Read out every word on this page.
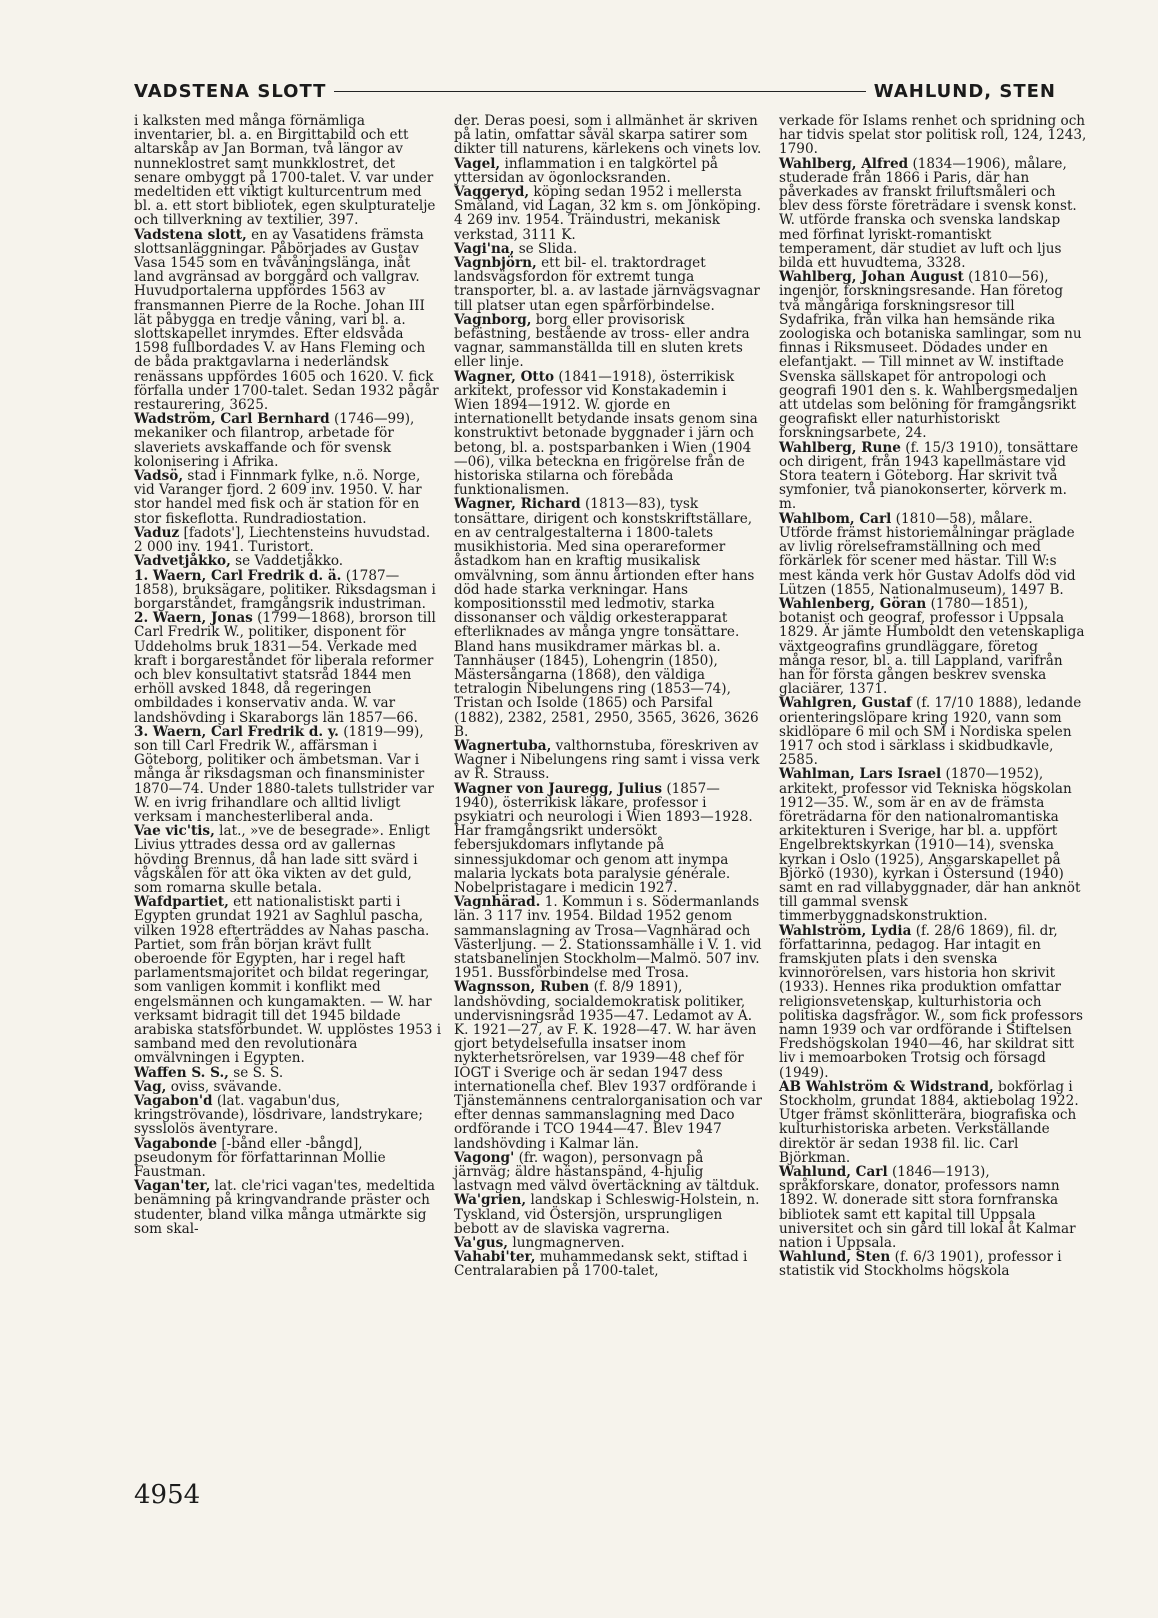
VADSTENA SLOTT	WAHLUND, STEN

i kalksten med många förnämliga inventarier, bl. a. en Birgittabild och ett altarskåp av Jan Borman, två längor av nunneklostret samt munkklostret, det senare ombyggt på 1700-talet. V. var under medeltiden ett viktigt kulturcentrum med bl. a. ett stort bibliotek, egen skulpturatelje och tillverkning av textilier, 397.

Vadstena slott, en av Vasatidens främsta slottsanläggningar. Påbörjades av Gustav Vasa 1545 som en tvåvåningslänga, inåt land avgränsad av borggård och vallgrav. Huvudportalerna uppfördes 1563 av fransmannen Pierre de la Roche. Johan III lät påbygga en tredje våning, vari bl. a. slottskapellet inrymdes. Efter eldsvåda 1598 fullbordades V. av Hans Fleming och de båda praktgavlarna i nederländsk renässans uppfördes 1605 och 1620. V. fick förfalla under 1700-talet. Sedan 1932 pågår restaurering, 3625.

Wadström, Carl Bernhard (1746—99), mekaniker och filantrop, arbetade för slaveriets avskaffande och för svensk kolonisering i Afrika.

Vadsö, stad i Finnmark fylke, n.ö. Norge, vid Varanger fjord. 2 609 inv. 1950. V. har stor handel med fisk och är station för en stor fiskeflotta. Rundradiostation.

Vaduz [fadots'], Liechtensteins huvudstad. 2 000 inv. 1941. Turistort.

Vadvetjåkko, se Vaddetjåkko.

1. Waern, Carl Fredrik d. ä. (1787—1858), bruksägare, politiker. Riksdagsman i borgarståndet, framgångsrik industriman.

2. Waern, Jonas (1799—1868), brorson till Carl Fredrik W., politiker, disponent för Uddeholms bruk 1831—54. Verkade med kraft i borgareståndet för liberala reformer och blev konsultativt statsråd 1844 men erhöll avsked 1848, då regeringen ombildades i konservativ anda. W. var landshövding i Skaraborgs län 1857—66.

3. Waern, Carl Fredrik d. y. (1819—99), son till Carl Fredrik W., affärsman i Göteborg, politiker och ämbetsman. Var i många år riksdagsman och finansminister 1870—74. Under 1880-talets tullstrider var W. en ivrig frihandlare och alltid livligt verksam i manchesterliberal anda.

Vae vic'tis, lat., »ve de besegrade». Enligt Livius yttrades dessa ord av gallernas hövding Brennus, då han lade sitt svärd i vågskålen för att öka vikten av det guld, som romarna skulle betala.

Wafdpartiet, ett nationalistiskt parti i Egypten grundat 1921 av Saghlul pascha, vilken 1928 efterträddes av Nahas pascha. Partiet, som från början krävt fullt oberoende för Egypten, har i regel haft parlamentsmajoritet och bildat regeringar, som vanligen kommit i konflikt med engelsmännen och kungamakten. — W. har verksamt bidragit till det 1945 bildade arabiska statsförbundet. W. upplöstes 1953 i samband med den revolutionära omvälvningen i Egypten.

Waffen S. S., se S. S.

Vag, oviss, svävande.

Vagabon'd (lat. vagabun'dus, kringströvande), lösdrivare, landstrykare; sysslolös äventyrare.

Vagabonde [-bånd eller -bångd], pseudonym för författarinnan Mollie Faustman.

Vagan'ter, lat. cle'rici vagan'tes, medeltida benämning på kringvandrande präster och studenter, bland vilka många utmärkte sig som skal-

der. Deras poesi, som i allmänhet är skriven på latin, omfattar såväl skarpa satirer som dikter till naturens, kärlekens och vinets lov.

Vagel, inflammation i en talgkörtel på yttersidan av ögonlocksranden.

Vaggeryd, köping sedan 1952 i mellersta Småland, vid Lagan, 32 km s. om Jönköping. 4 269 inv. 1954. Träindustri, mekanisk verkstad, 3111 K.

Vagi'na, se Slida.

Vagnbjörn, ett bil- el. traktordraget landsvägsfordon för extremt tunga transporter, bl. a. av lastade järnvägsvagnar till platser utan egen spårförbindelse.

Vagnborg, borg eller provisorisk befästning, bestående av tross- eller andra vagnar, sammanställda till en sluten krets eller linje.

Wagner, Otto (1841—1918), österrikisk arkitekt, professor vid Konstakademin i Wien 1894—1912. W. gjorde en internationellt betydande insats genom sina konstruktivt betonade byggnader i järn och betong, bl. a. postsparbanken i Wien (1904—06), vilka beteckna en frigörelse från de historiska stilarna och förebåda funktionalismen.

Wagner, Richard (1813—83), tysk tonsättare, dirigent och konstskriftställare, en av centralgestalterna i 1800-talets musikhistoria. Med sina operareformer åstadkom han en kraftig musikalisk omvälvning, som ännu årtionden efter hans död hade starka verkningar. Hans kompositionsstil med ledmotiv, starka dissonanser och väldig orkesterapparat efterliknades av många yngre tonsättare. Bland hans musikdramer märkas bl. a. Tannhäuser (1845), Lohengrin (1850), Mästersångarna (1868), den väldiga tetralogin Nibelungens ring (1853—74), Tristan och Isolde (1865) och Parsifal (1882), 2382, 2581, 2950, 3565, 3626, 3626 B.

Wagnertuba, valthornstuba, föreskriven av Wagner i Nibelungens ring samt i vissa verk av R. Strauss.

Wagner von Jauregg, Julius (1857—1940), österrikisk läkare, professor i psykiatri och neurologi i Wien 1893—1928. Har framgångsrikt undersökt febersjukdomars inflytande på sinnessjukdomar och genom att inympa malaria lyckats bota paralysie générale. Nobelpristagare i medicin 1927.

Vagnhärad. 1. Kommun i s. Södermanlands län. 3 117 inv. 1954. Bildad 1952 genom sammanslagning av Trosa—Vagnhärad och Västerljung. — 2. Stationssamhälle i V. 1. vid statsbanelinjen Stockholm—Malmö. 507 inv. 1951. Bussförbindelse med Trosa.

Wagnsson, Ruben (f. 8/9 1891), landshövding, socialdemokratisk politiker, undervisningsråd 1935—47. Ledamot av A. K. 1921—27, av F. K. 1928—47. W. har även gjort betydelsefulla insatser inom nykterhetsrörelsen, var 1939—48 chef för IOGT i Sverige och är sedan 1947 dess internationella chef. Blev 1937 ordförande i Tjänstemännens centralorganisation och var efter dennas sammanslagning med Daco ordförande i TCO 1944—47. Blev 1947 landshövding i Kalmar län.

Vagong' (fr. wagon), personvagn på järnväg; äldre hästanspänd, 4-hjulig lastvagn med välvd övertäckning av tältduk.

Wa'grien, landskap i Schleswig-Holstein, n. Tyskland, vid Östersjön, ursprungligen bebott av de slaviska vagrerna.

Va'gus, lungmagnerven.

Vahabi'ter, muhammedansk sekt, stiftad i Centralarabien på 1700-talet,

verkade för Islams renhet och spridning och har tidvis spelat stor politisk roll, 124, 1243, 1790.

Wahlberg, Alfred (1834—1906), målare, studerade från 1866 i Paris, där han påverkades av franskt friluftsmåleri och blev dess förste företrädare i svensk konst. W. utförde franska och svenska landskap med förfinat lyriskt-romantiskt temperament, där studiet av luft och ljus bilda ett huvudtema, 3328.

Wahlberg, Johan August (1810—56), ingenjör, forskningsresande. Han företog två mångåriga forskningsresor till Sydafrika, från vilka han hemsände rika zoologiska och botaniska samlingar, som nu finnas i Riksmuseet. Dödades under en elefantjakt. — Till minnet av W. instiftade Svenska sällskapet för antropologi och geografi 1901 den s. k. Wahlbergsmedaljen att utdelas som belöning för framgångsrikt geografiskt eller naturhistoriskt forskningsarbete, 24.

Wahlberg, Rune (f. 15/3 1910), tonsättare och dirigent, från 1943 kapellmästare vid Stora teatern i Göteborg. Har skrivit två symfonier, två pianokonserter, körverk m. m.

Wahlbom, Carl (1810—58), målare. Utförde främst historiemålningar präglade av livlig rörelseframställning och med förkärlek för scener med hästar. Till W:s mest kända verk hör Gustav Adolfs död vid Lützen (1855, Nationalmuseum), 1497 B.

Wahlenberg, Göran (1780—1851), botanist och geograf, professor i Uppsala 1829. Är jämte Humboldt den vetenskapliga växtgeografins grundläggare, företog många resor, bl. a. till Lappland, varifrån han för första gången beskrev svenska glaciärer, 1371.

Wahlgren, Gustaf (f. 17/10 1888), ledande orienteringslöpare kring 1920, vann som skidlöpare 6 mil och SM i Nordiska spelen 1917 och stod i särklass i skidbudkavle, 2585.

Wahlman, Lars Israel (1870—1952), arkitekt, professor vid Tekniska högskolan 1912—35. W., som är en av de främsta företrädarna för den nationalromantiska arkitekturen i Sverige, har bl. a. uppfört Engelbrektskyrkan (1910—14), svenska kyrkan i Oslo (1925), Ansgarskapellet på Björkö (1930), kyrkan i Östersund (1940) samt en rad villabyggnader, där han anknöt till gammal svensk timmerbyggnadskonstruktion.

Wahlström, Lydia (f. 28/6 1869), fil. dr, författarinna, pedagog. Har intagit en framskjuten plats i den svenska kvinnorörelsen, vars historia hon skrivit (1933). Hennes rika produktion omfattar religionsvetenskap, kulturhistoria och politiska dagsfrågor. W., som fick professors namn 1939 och var ordförande i Stiftelsen Fredshögskolan 1940—46, har skildrat sitt liv i memoarboken Trotsig och försagd (1949).

AB Wahlström & Widstrand, bokförlag i Stockholm, grundat 1884, aktiebolag 1922. Utger främst skönlitterära, biografiska och kulturhistoriska arbeten. Verkställande direktör är sedan 1938 fil. lic. Carl Björkman.

Wahlund, Carl (1846—1913), språkforskare, donator, professors namn 1892. W. donerade sitt stora fornfranska bibliotek samt ett kapital till Uppsala universitet och sin gård till lokal åt Kalmar nation i Uppsala.

Wahlund, Sten (f. 6/3 1901), professor i statistik vid Stockholms högskola

4954
